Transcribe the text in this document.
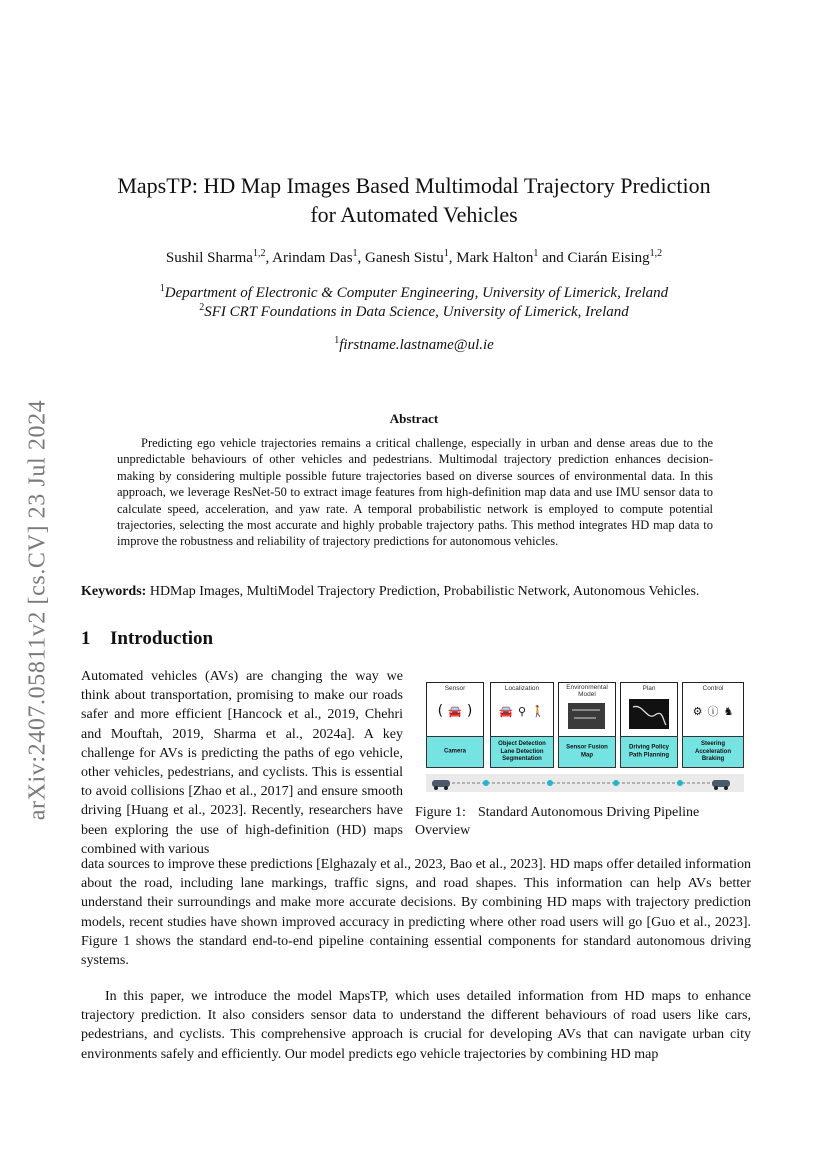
arXiv:2407.05811v2 [cs.CV] 23 Jul 2024
MapsTP: HD Map Images Based Multimodal Trajectory Prediction
for Automated Vehicles
Sushil Sharma$^{1,2}$, Arindam Das$^1$, Ganesh Sistu$^1$, Mark Halton$^1$ and Ciarán Eising$^{1,2}$
$^1$Department of Electronic & Computer Engineering, University of Limerick, Ireland
$^2$SFI CRT Foundations in Data Science, University of Limerick, Ireland
$^1$firstname.lastname@ul.ie
Abstract
Predicting ego vehicle trajectories remains a critical challenge, especially in urban and dense areas due to the unpredictable behaviours of other vehicles and pedestrians. Multimodal trajectory prediction enhances decision-making by considering multiple possible future trajectories based on diverse sources of environmental data. In this approach, we leverage ResNet-50 to extract image features from high-definition map data and use IMU sensor data to calculate speed, acceleration, and yaw rate. A temporal probabilistic network is employed to compute potential trajectories, selecting the most accurate and highly probable trajectory paths. This method integrates HD map data to improve the robustness and reliability of trajectory predictions for autonomous vehicles.
Keywords: HDMap Images, MultiModel Trajectory Prediction, Probabilistic Network, Autonomous Vehicles.
1 Introduction
Automated vehicles (AVs) are changing the way we think about transportation, promising to make our roads safer and more efficient [Hancock et al., 2019, Chehri and Mouftah, 2019, Sharma et al., 2024a]. A key challenge for AVs is predicting the paths of ego vehicle, other vehicles, pedestrians, and cyclists. This is essential to avoid collisions [Zhao et al., 2017] and ensure smooth driving [Huang et al., 2023]. Recently, researchers have been exploring the use of high-definition (HD) maps combined with various
data sources to improve these predictions [Elghazaly et al., 2023, Bao et al., 2023]. HD maps offer detailed information about the road, including lane markings, traffic signs, and road shapes. This information can help AVs better understand their surroundings and make more accurate decisions. By combining HD maps with trajectory prediction models, recent studies have shown improved accuracy in predicting where other road users will go [Guo et al., 2023]. Figure 1 shows the standard end-to-end pipeline containing essential components for standard autonomous driving systems.
In this paper, we introduce the model MapsTP, which uses detailed information from HD maps to enhance trajectory prediction. It also considers sensor data to understand the different behaviours of road users like cars, pedestrians, and cyclists. This comprehensive approach is crucial for developing AVs that can navigate urban city environments safely and efficiently. Our model predicts ego vehicle trajectories by combining HD map
Sensor
( 🚘 )
Camera
Localization
🚘 ⚲ 🚶
Object Detection
Lane Detection
Segmentation
Environmental
Model
Sensor Fusion
Map
Plan
Driving Policy
Path Planning
Control
⚙ ⓘ ♞
Steering
Acceleration
Braking
Figure 1: Standard Autonomous Driving Pipeline Overview
